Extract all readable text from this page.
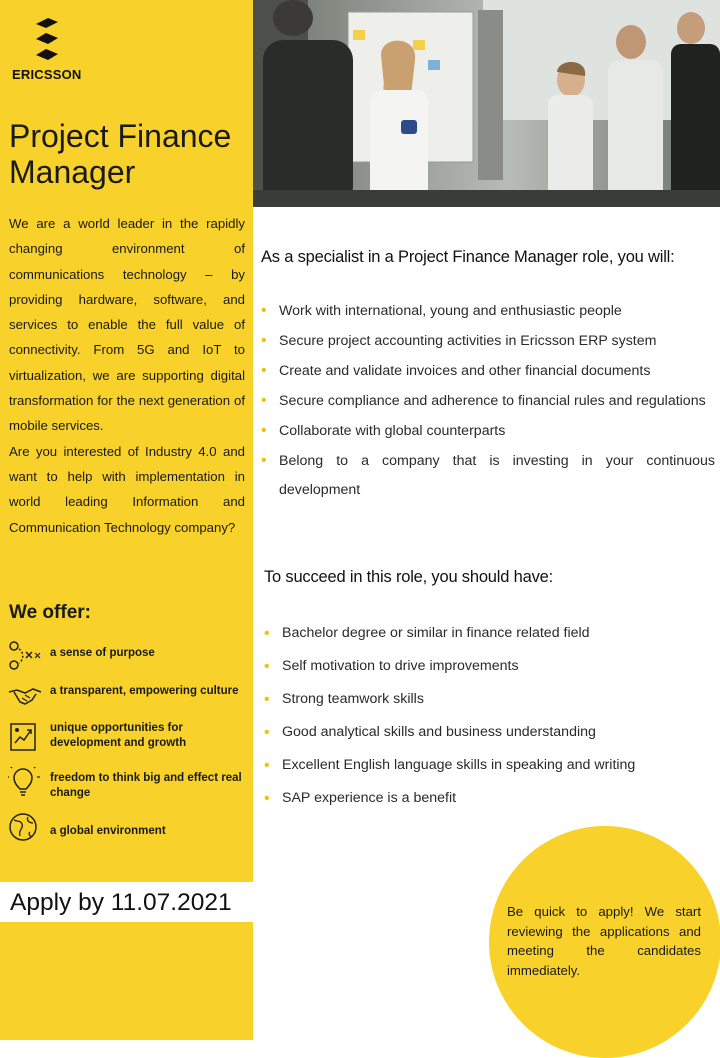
ERICSSON
Project Finance Manager

We are a world leader in the rapidly changing environment of communications technology – by providing hardware, software, and services to enable the full value of connectivity. From 5G and IoT to virtualization, we are supporting digital transformation for the next generation of mobile services.

Are you interested of Industry 4.0 and want to help with implementation in world leading Information and Communication Technology company?

We offer:
a sense of purpose
a transparent, empowering culture
unique opportunities for development and growth
freedom to think big and effect real change
a global environment
Apply by 11.07.2021
As a specialist in a Project Finance Manager role, you will:
• Work with international, young and enthusiastic people
• Secure project accounting activities in Ericsson ERP system
• Create and validate invoices and other financial documents
• Secure compliance and adherence to financial rules and regulations
• Collaborate with global counterparts
• Belong to a company that is investing in your continuous development
To succeed in this role, you should have:
• Bachelor degree or similar in finance related field
• Self motivation to drive improvements
• Strong teamwork skills
• Good analytical skills and business understanding
• Excellent English language skills in speaking and writing
• SAP experience is a benefit
Be quick to apply! We start reviewing the applications and meeting the candidates immediately.
